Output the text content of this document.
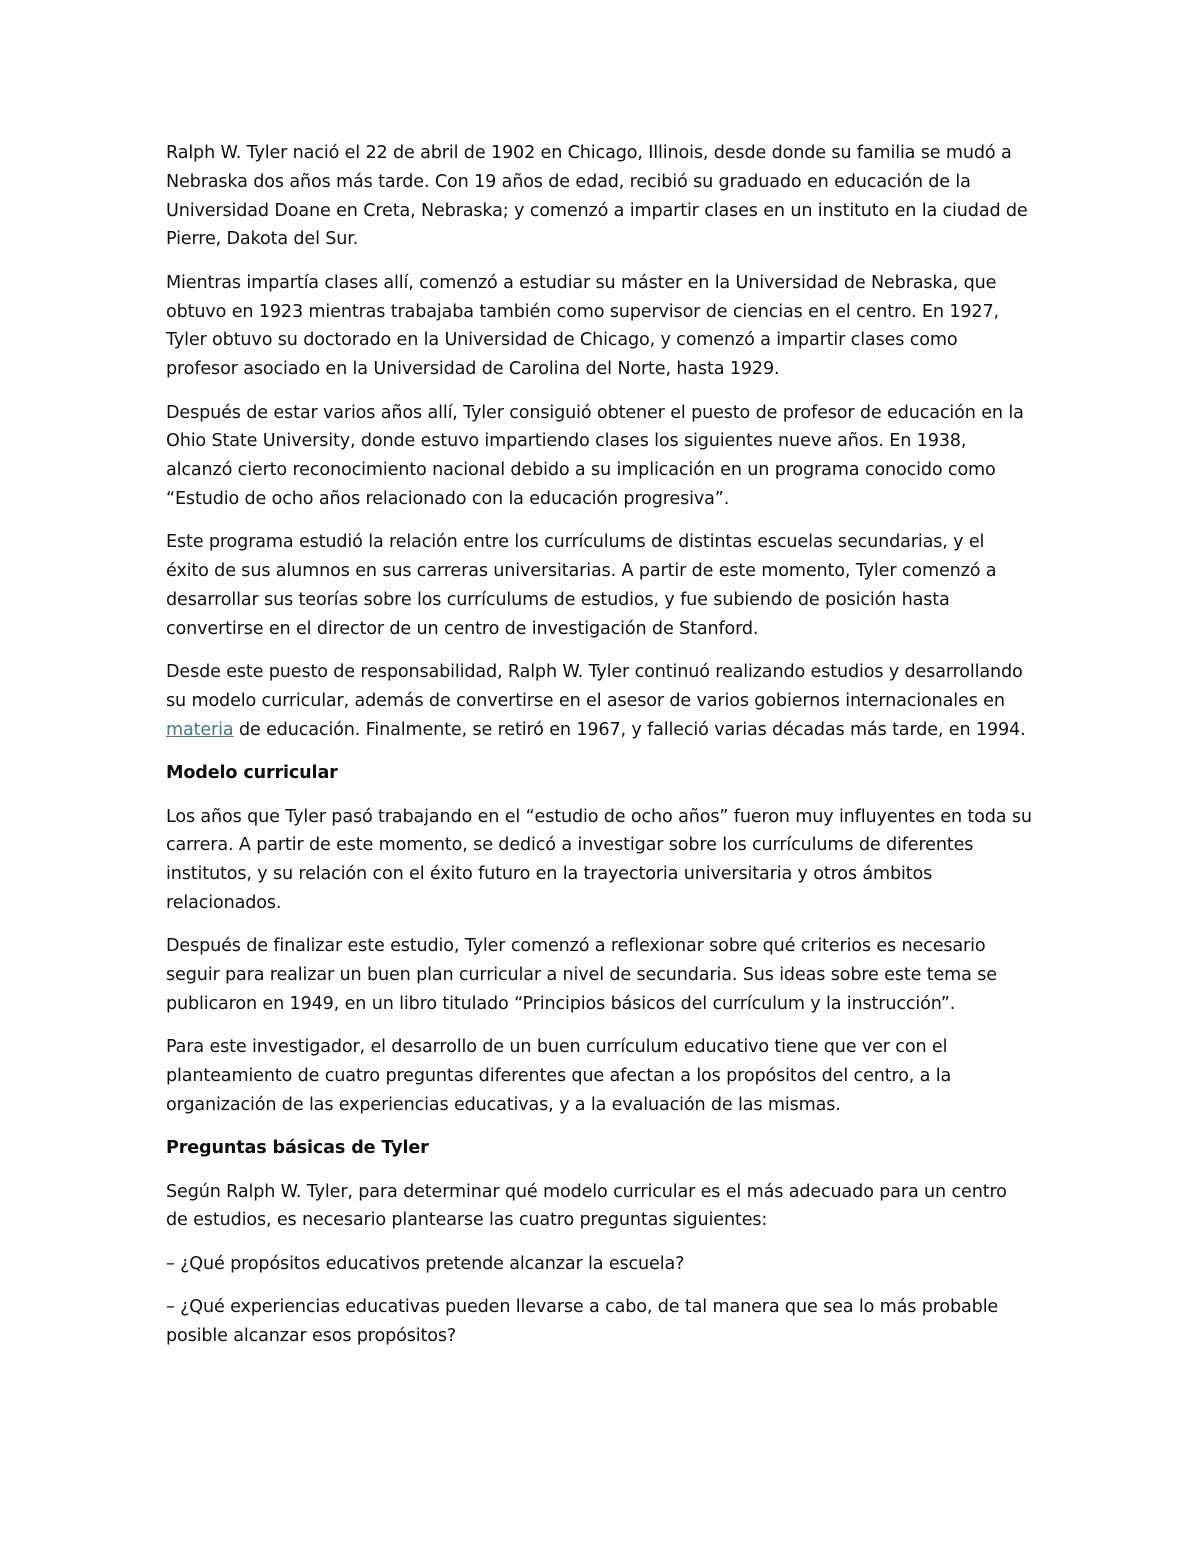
Ralph W. Tyler nació el 22 de abril de 1902 en Chicago, Illinois, desde donde su familia se mudó a Nebraska dos años más tarde. Con 19 años de edad, recibió su graduado en educación de la Universidad Doane en Creta, Nebraska; y comenzó a impartir clases en un instituto en la ciudad de Pierre, Dakota del Sur.

Mientras impartía clases allí, comenzó a estudiar su máster en la Universidad de Nebraska, que obtuvo en 1923 mientras trabajaba también como supervisor de ciencias en el centro. En 1927, Tyler obtuvo su doctorado en la Universidad de Chicago, y comenzó a impartir clases como profesor asociado en la Universidad de Carolina del Norte, hasta 1929.

Después de estar varios años allí, Tyler consiguió obtener el puesto de profesor de educación en la Ohio State University, donde estuvo impartiendo clases los siguientes nueve años. En 1938, alcanzó cierto reconocimiento nacional debido a su implicación en un programa conocido como “Estudio de ocho años relacionado con la educación progresiva”.

Este programa estudió la relación entre los currículums de distintas escuelas secundarias, y el éxito de sus alumnos en sus carreras universitarias. A partir de este momento, Tyler comenzó a desarrollar sus teorías sobre los currículums de estudios, y fue subiendo de posición hasta convertirse en el director de un centro de investigación de Stanford.

Desde este puesto de responsabilidad, Ralph W. Tyler continuó realizando estudios y desarrollando su modelo curricular, además de convertirse en el asesor de varios gobiernos internacionales en materia de educación. Finalmente, se retiró en 1967, y falleció varias décadas más tarde, en 1994.

Modelo curricular

Los años que Tyler pasó trabajando en el “estudio de ocho años” fueron muy influyentes en toda su carrera. A partir de este momento, se dedicó a investigar sobre los currículums de diferentes institutos, y su relación con el éxito futuro en la trayectoria universitaria y otros ámbitos relacionados.

Después de finalizar este estudio, Tyler comenzó a reflexionar sobre qué criterios es necesario seguir para realizar un buen plan curricular a nivel de secundaria. Sus ideas sobre este tema se publicaron en 1949, en un libro titulado “Principios básicos del currículum y la instrucción”.

Para este investigador, el desarrollo de un buen currículum educativo tiene que ver con el planteamiento de cuatro preguntas diferentes que afectan a los propósitos del centro, a la organización de las experiencias educativas, y a la evaluación de las mismas.

Preguntas básicas de Tyler

Según Ralph W. Tyler, para determinar qué modelo curricular es el más adecuado para un centro de estudios, es necesario plantearse las cuatro preguntas siguientes:

– ¿Qué propósitos educativos pretende alcanzar la escuela?

– ¿Qué experiencias educativas pueden llevarse a cabo, de tal manera que sea lo más probable posible alcanzar esos propósitos?
